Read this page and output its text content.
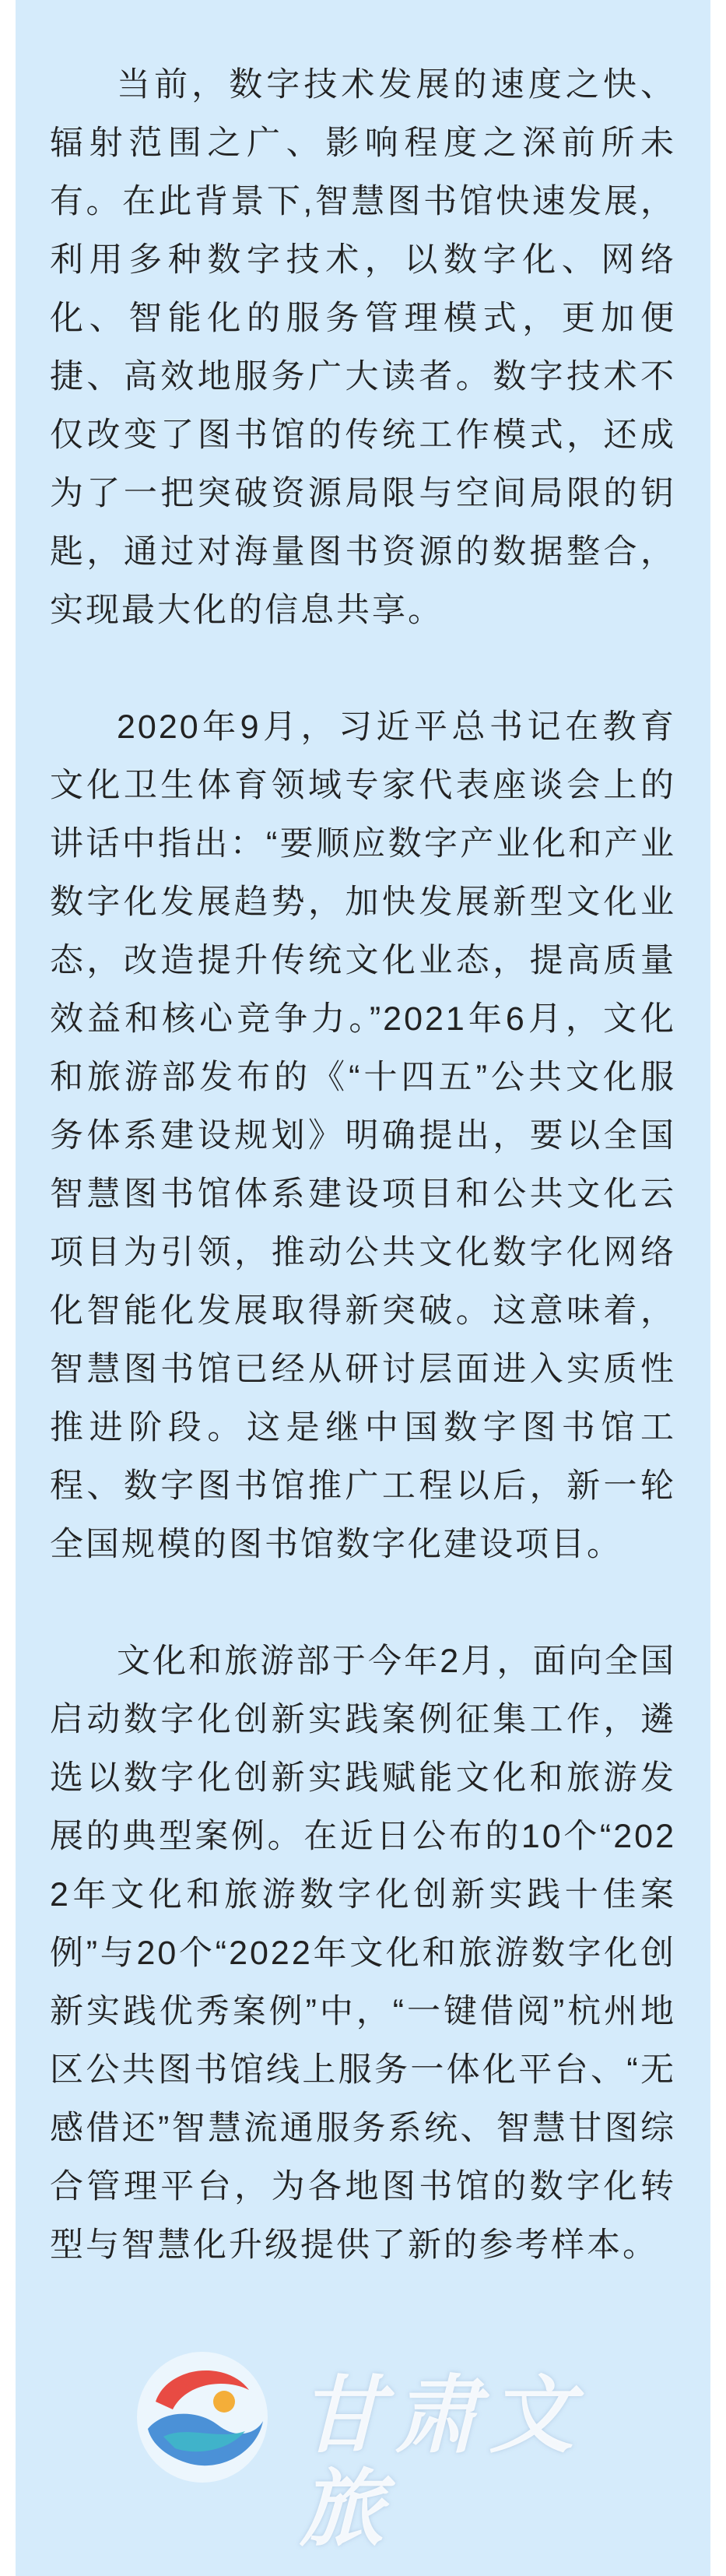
当前，数字技术发展的速度之快、辐射范围之广、影响程度之深前所未有。在此背景下,智慧图书馆快速发展，利用多种数字技术，以数字化、网络化、智能化的服务管理模式，更加便捷、高效地服务广大读者。数字技术不仅改变了图书馆的传统工作模式，还成为了一把突破资源局限与空间局限的钥匙，通过对海量图书资源的数据整合，实现最大化的信息共享。

2020年9月，习近平总书记在教育文化卫生体育领域专家代表座谈会上的讲话中指出：“要顺应数字产业化和产业数字化发展趋势，加快发展新型文化业态，改造提升传统文化业态，提高质量效益和核心竞争力。”2021年6月，文化和旅游部发布的《“十四五”公共文化服务体系建设规划》明确提出，要以全国智慧图书馆体系建设项目和公共文化云项目为引领，推动公共文化数字化网络化智能化发展取得新突破。这意味着，智慧图书馆已经从研讨层面进入实质性推进阶段。这是继中国数字图书馆工程、数字图书馆推广工程以后，新一轮全国规模的图书馆数字化建设项目。

文化和旅游部于今年2月，面向全国启动数字化创新实践案例征集工作，遴选以数字化创新实践赋能文化和旅游发展的典型案例。在近日公布的10个“2022年文化和旅游数字化创新实践十佳案例”与20个“2022年文化和旅游数字化创新实践优秀案例”中，“一键借阅”杭州地区公共图书馆线上服务一体化平台、“无感借还”智慧流通服务系统、智慧甘图综合管理平台，为各地图书馆的数字化转型与智慧化升级提供了新的参考样本。

甘肃文旅
